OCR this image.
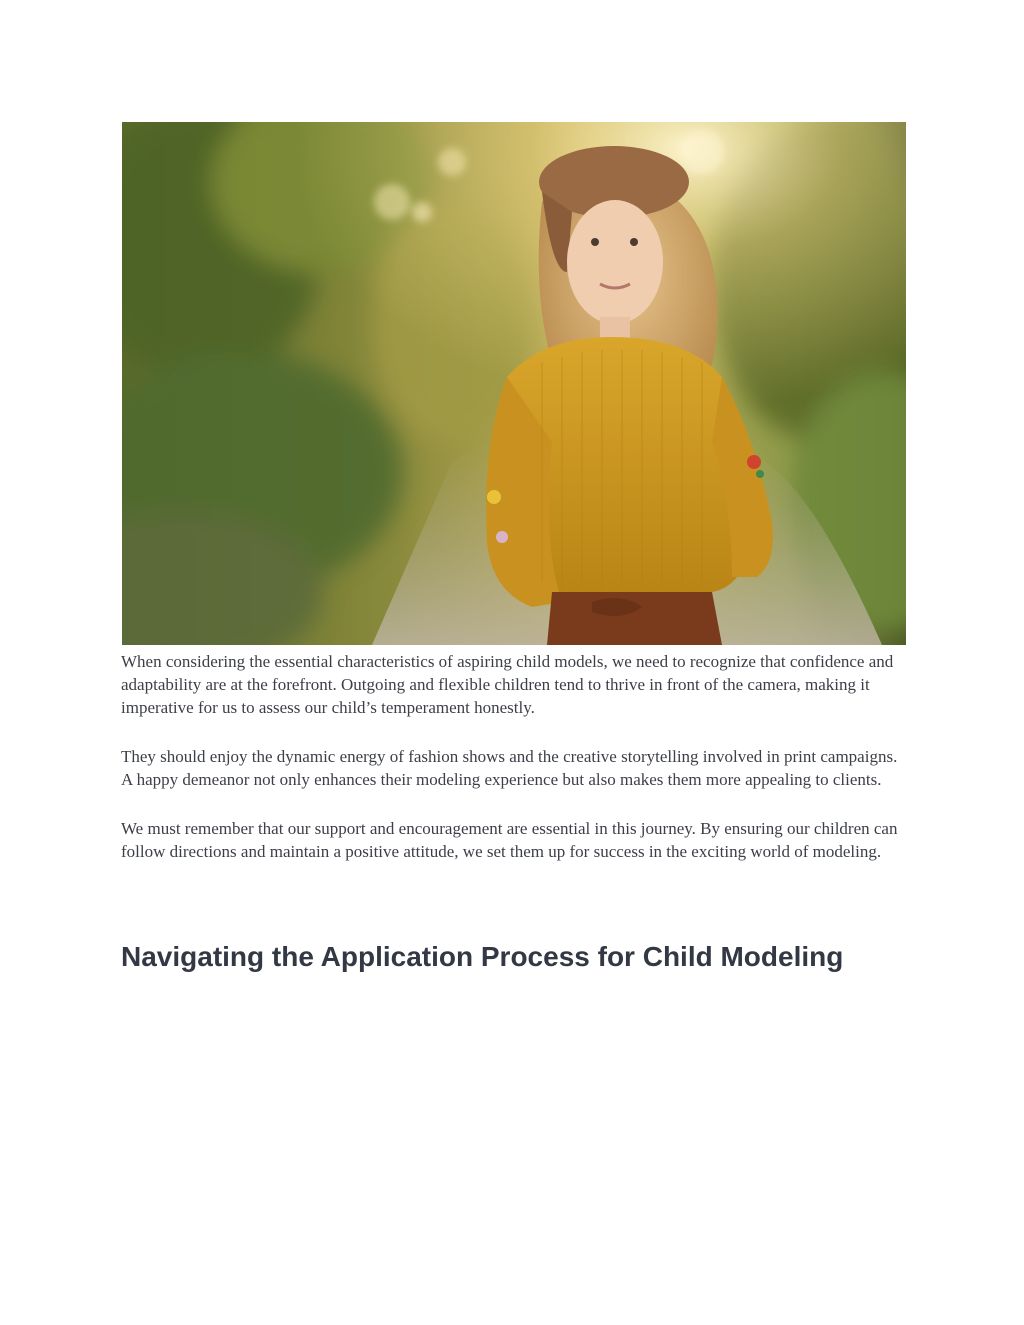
When considering the essential characteristics of aspiring child models, we need to recognize that confidence and adaptability are at the forefront. Outgoing and flexible children tend to thrive in front of the camera, making it imperative for us to assess our child’s temperament honestly.

They should enjoy the dynamic energy of fashion shows and the creative storytelling involved in print campaigns. A happy demeanor not only enhances their modeling experience but also makes them more appealing to clients.

We must remember that our support and encouragement are essential in this journey. By ensuring our children can follow directions and maintain a positive attitude, we set them up for success in the exciting world of modeling.

Navigating the Application Process for Child Modeling
